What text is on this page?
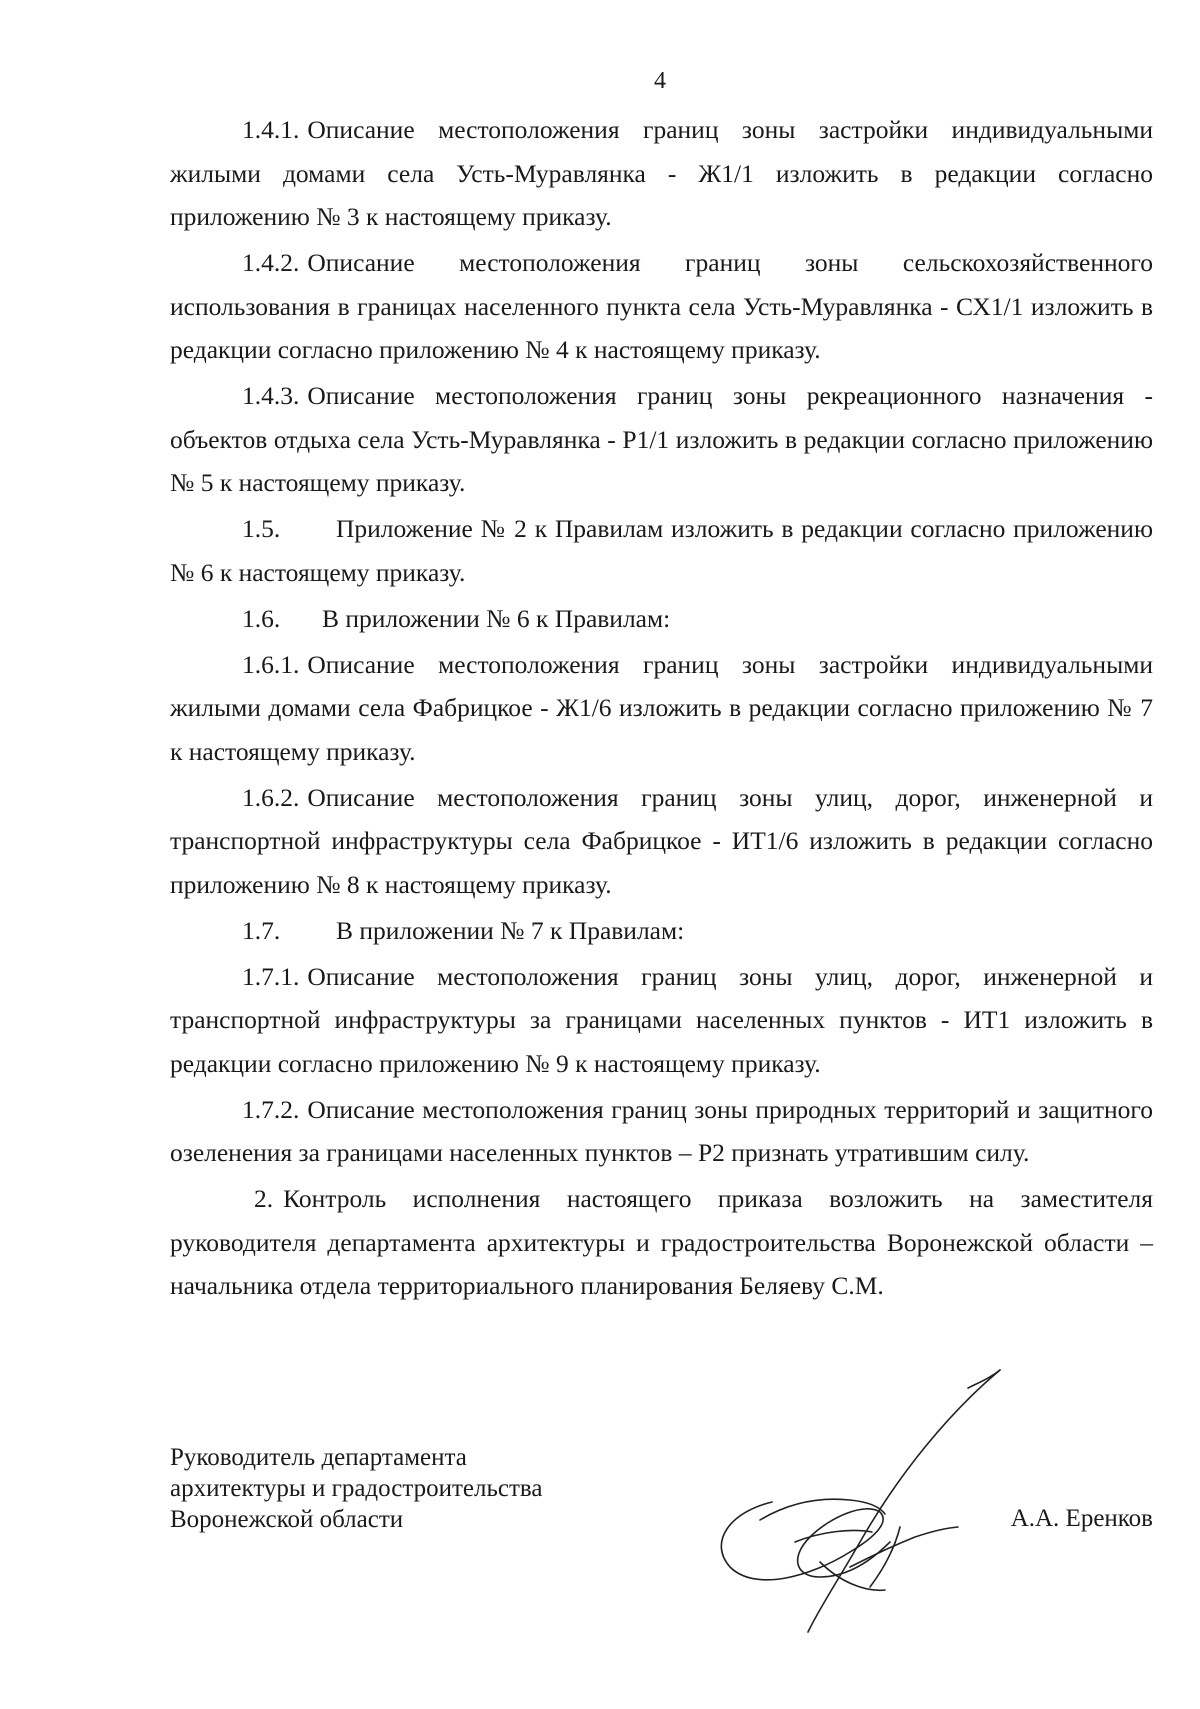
4

1.4.1. Описание местоположения границ зоны застройки индивидуальными жилыми домами села Усть-Муравлянка - Ж1/1 изложить в редакции согласно приложению № 3 к настоящему приказу.

1.4.2. Описание местоположения границ зоны сельскохозяйственного использования в границах населенного пункта села Усть-Муравлянка - СХ1/1 изложить в редакции согласно приложению № 4 к настоящему приказу.

1.4.3. Описание местоположения границ зоны рекреационного назначения - объектов отдыха села Усть-Муравлянка - Р1/1 изложить в редакции согласно приложению № 5 к настоящему приказу.

1.5. Приложение № 2 к Правилам изложить в редакции согласно приложению № 6 к настоящему приказу.

1.6. В приложении № 6 к Правилам:

1.6.1. Описание местоположения границ зоны застройки индивидуальными жилыми домами села Фабрицкое - Ж1/6 изложить в редакции согласно приложению № 7 к настоящему приказу.

1.6.2. Описание местоположения границ зоны улиц, дорог, инженерной и транспортной инфраструктуры села Фабрицкое - ИТ1/6 изложить в редакции согласно приложению № 8 к настоящему приказу.

1.7. В приложении № 7 к Правилам:

1.7.1. Описание местоположения границ зоны улиц, дорог, инженерной и транспортной инфраструктуры за границами населенных пунктов - ИТ1 изложить в редакции согласно приложению № 9 к настоящему приказу.

1.7.2. Описание местоположения границ зоны природных территорий и защитного озеленения за границами населенных пунктов – Р2 признать утратившим силу.

2. Контроль исполнения настоящего приказа возложить на заместителя руководителя департамента архитектуры и градостроительства Воронежской области – начальника отдела территориального планирования Беляеву С.М.

Руководитель департамента
архитектуры и градостроительства
Воронежской области	А.А. Еренков
